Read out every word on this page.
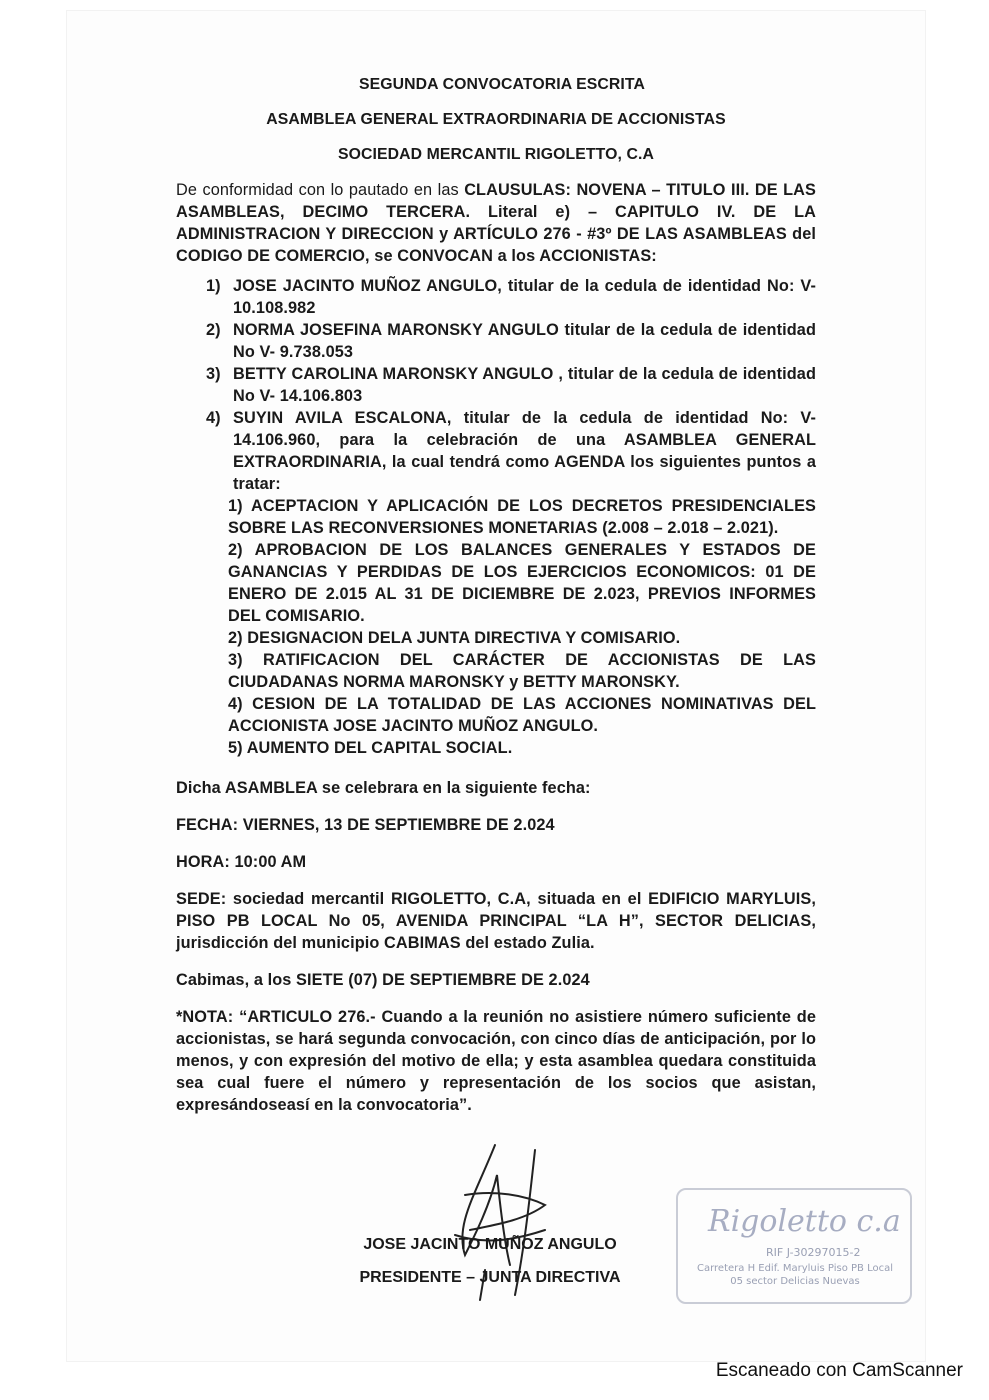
SEGUNDA CONVOCATORIA ESCRITA
ASAMBLEA GENERAL EXTRAORDINARIA DE ACCIONISTAS
SOCIEDAD MERCANTIL RIGOLETTO, C.A
De conformidad con lo pautado en las CLAUSULAS: NOVENA – TITULO III. DE LAS ASAMBLEAS, DECIMO TERCERA. Literal e) – CAPITULO IV. DE LA ADMINISTRACION Y DIRECCION y ARTÍCULO 276 - #3º DE LAS ASAMBLEAS del CODIGO DE COMERCIO, se CONVOCAN a los ACCIONISTAS:
1) JOSE JACINTO MUÑOZ ANGULO, titular de la cedula de identidad No: V- 10.108.982
2) NORMA JOSEFINA MARONSKY ANGULO titular de la cedula de identidad No V- 9.738.053
3) BETTY CAROLINA MARONSKY ANGULO , titular de la cedula de identidad No V- 14.106.803
4) SUYIN AVILA ESCALONA, titular de la cedula de identidad No: V- 14.106.960, para la celebración de una ASAMBLEA GENERAL EXTRAORDINARIA, la cual tendrá como AGENDA los siguientes puntos a tratar:
1) ACEPTACION Y APLICACIÓN DE LOS DECRETOS PRESIDENCIALES SOBRE LAS RECONVERSIONES MONETARIAS (2.008 – 2.018 – 2.021).
2) APROBACION DE LOS BALANCES GENERALES Y ESTADOS DE GANANCIAS Y PERDIDAS DE LOS EJERCICIOS ECONOMICOS: 01 DE ENERO DE 2.015 AL 31 DE DICIEMBRE DE 2.023, PREVIOS INFORMES DEL COMISARIO.
2) DESIGNACION DELA JUNTA DIRECTIVA Y COMISARIO.
3) RATIFICACION DEL CARÁCTER DE ACCIONISTAS DE LAS CIUDADANAS NORMA MARONSKY y BETTY MARONSKY.
4) CESION DE LA TOTALIDAD DE LAS ACCIONES NOMINATIVAS DEL ACCIONISTA JOSE JACINTO MUÑOZ ANGULO.
5) AUMENTO DEL CAPITAL SOCIAL.
Dicha ASAMBLEA se celebrara en la siguiente fecha:
FECHA: VIERNES, 13 DE SEPTIEMBRE DE 2.024
HORA: 10:00 AM
SEDE: sociedad mercantil RIGOLETTO, C.A, situada en el EDIFICIO MARYLUIS, PISO PB LOCAL No 05, AVENIDA PRINCIPAL “LA H”, SECTOR DELICIAS, jurisdicción del municipio CABIMAS del estado Zulia.
Cabimas, a los SIETE (07) DE SEPTIEMBRE DE 2.024
*NOTA: “ARTICULO 276.- Cuando a la reunión no asistiere número suficiente de accionistas, se hará segunda convocación, con cinco días de anticipación, por lo menos, y con expresión del motivo de ella; y esta asamblea quedara constituida sea cual fuere el número y representación de los socios que asistan, expresándoseasí en la convocatoria”.
JOSE JACINTO MUÑOZ ANGULO
PRESIDENTE – JUNTA DIRECTIVA
Rigoletto c.a
RIF J-30297015-2
Carretera H Edif. Maryluis Piso PB Local 05 sector Delicias Nuevas
Escaneado con CamScanner
